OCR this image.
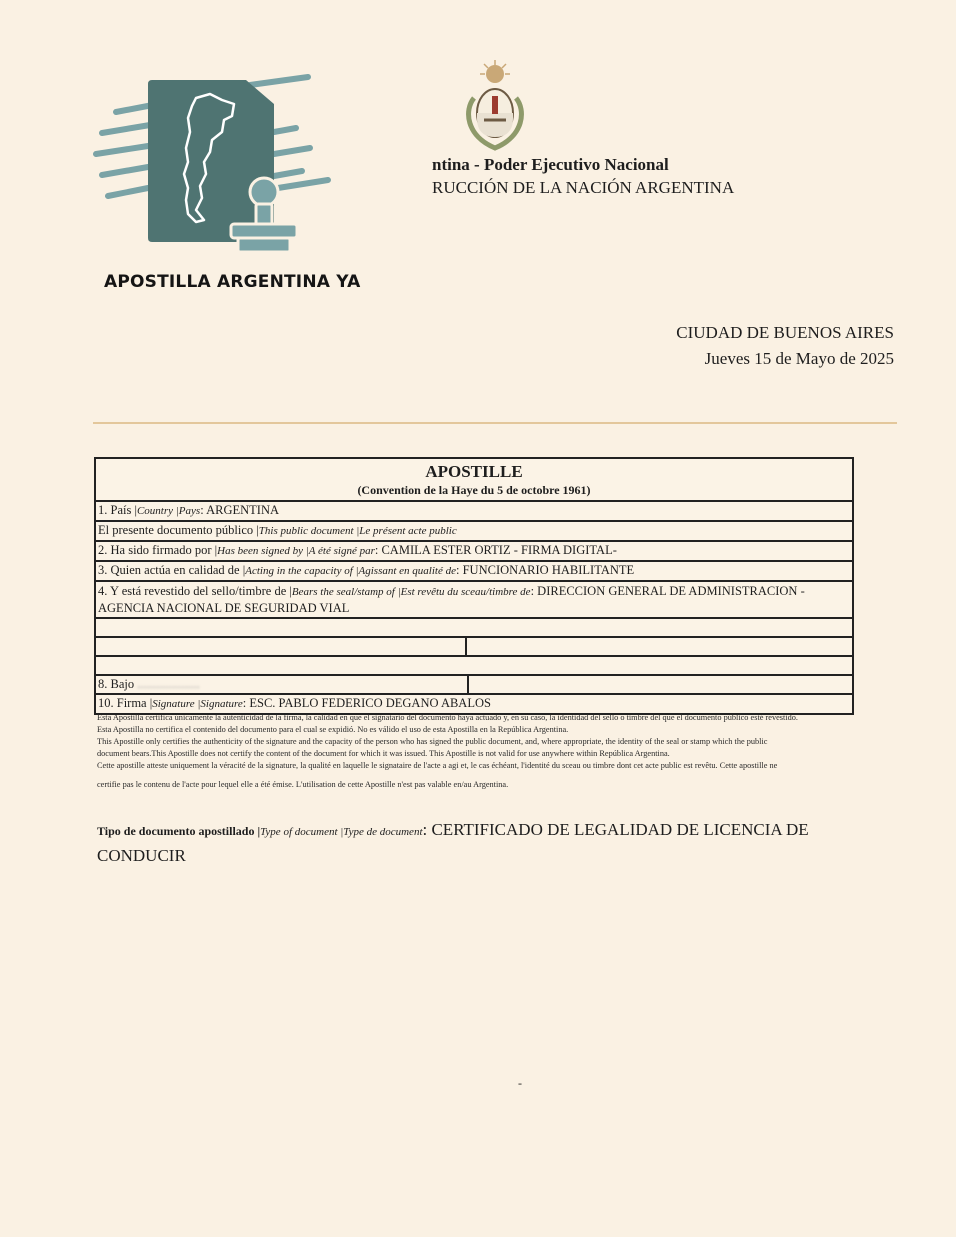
APOSTILLA ARGENTINA YA

ntina - Poder Ejecutivo Nacional

RUCCIÓN DE LA NACIÓN ARGENTINA

CIUDAD DE BUENOS AIRES
Jueves 15 de Mayo de 2025
APOSTILLE
(Convention de la Haye du 5 de octobre 1961)
1. País |Country |Pays: ARGENTINA
El presente documento público |This public document |Le présent acte public
2. Ha sido firmado por |Has been signed by |A été signé par: CAMILA ESTER ORTIZ - FIRMA DIGITAL-
3. Quien actúa en calidad de |Acting in the capacity of |Agissant en qualité de: FUNCIONARIO HABILITANTE
4. Y está revestido del sello/timbre de |Bears the seal/stamp of |Est revêtu du sceau/timbre de: DIRECCION GENERAL DE ADMINISTRACION - AGENCIA NACIONAL DE SEGURIDAD VIAL
8. Bajo ....................
10. Firma |Signature |Signature: ESC. PABLO FEDERICO DEGANO ABALOS

Esta Apostilla certifica únicamente la autenticidad de la firma, la calidad en que el signatario del documento haya actuado y, en su caso, la identidad del sello o timbre del que el documento público esté revestido.

Esta Apostilla no certifica el contenido del documento para el cual se expidió. No es válido el uso de esta Apostilla en la República Argentina.

This Apostille only certifies the authenticity of the signature and the capacity of the person who has signed the public document, and, where appropriate, the identity of the seal or stamp which the public

document bears.This Apostille does not certify the content of the document for which it was issued. This Apostille is not valid for use anywhere within República Argentina.

Cette apostille atteste uniquement la véracité de la signature, la qualité en laquelle le signataire de l'acte a agi et, le cas échéant, l'identité du sceau ou timbre dont cet acte public est revêtu. Cette apostille ne

certifie pas le contenu de l'acte pour lequel elle a été émise. L'utilisation de cette Apostille n'est pas valable en/au Argentina.

Tipo de documento apostillado |Type of document |Type de document: CERTIFICADO DE LEGALIDAD DE LICENCIA DE CONDUCIR
-
